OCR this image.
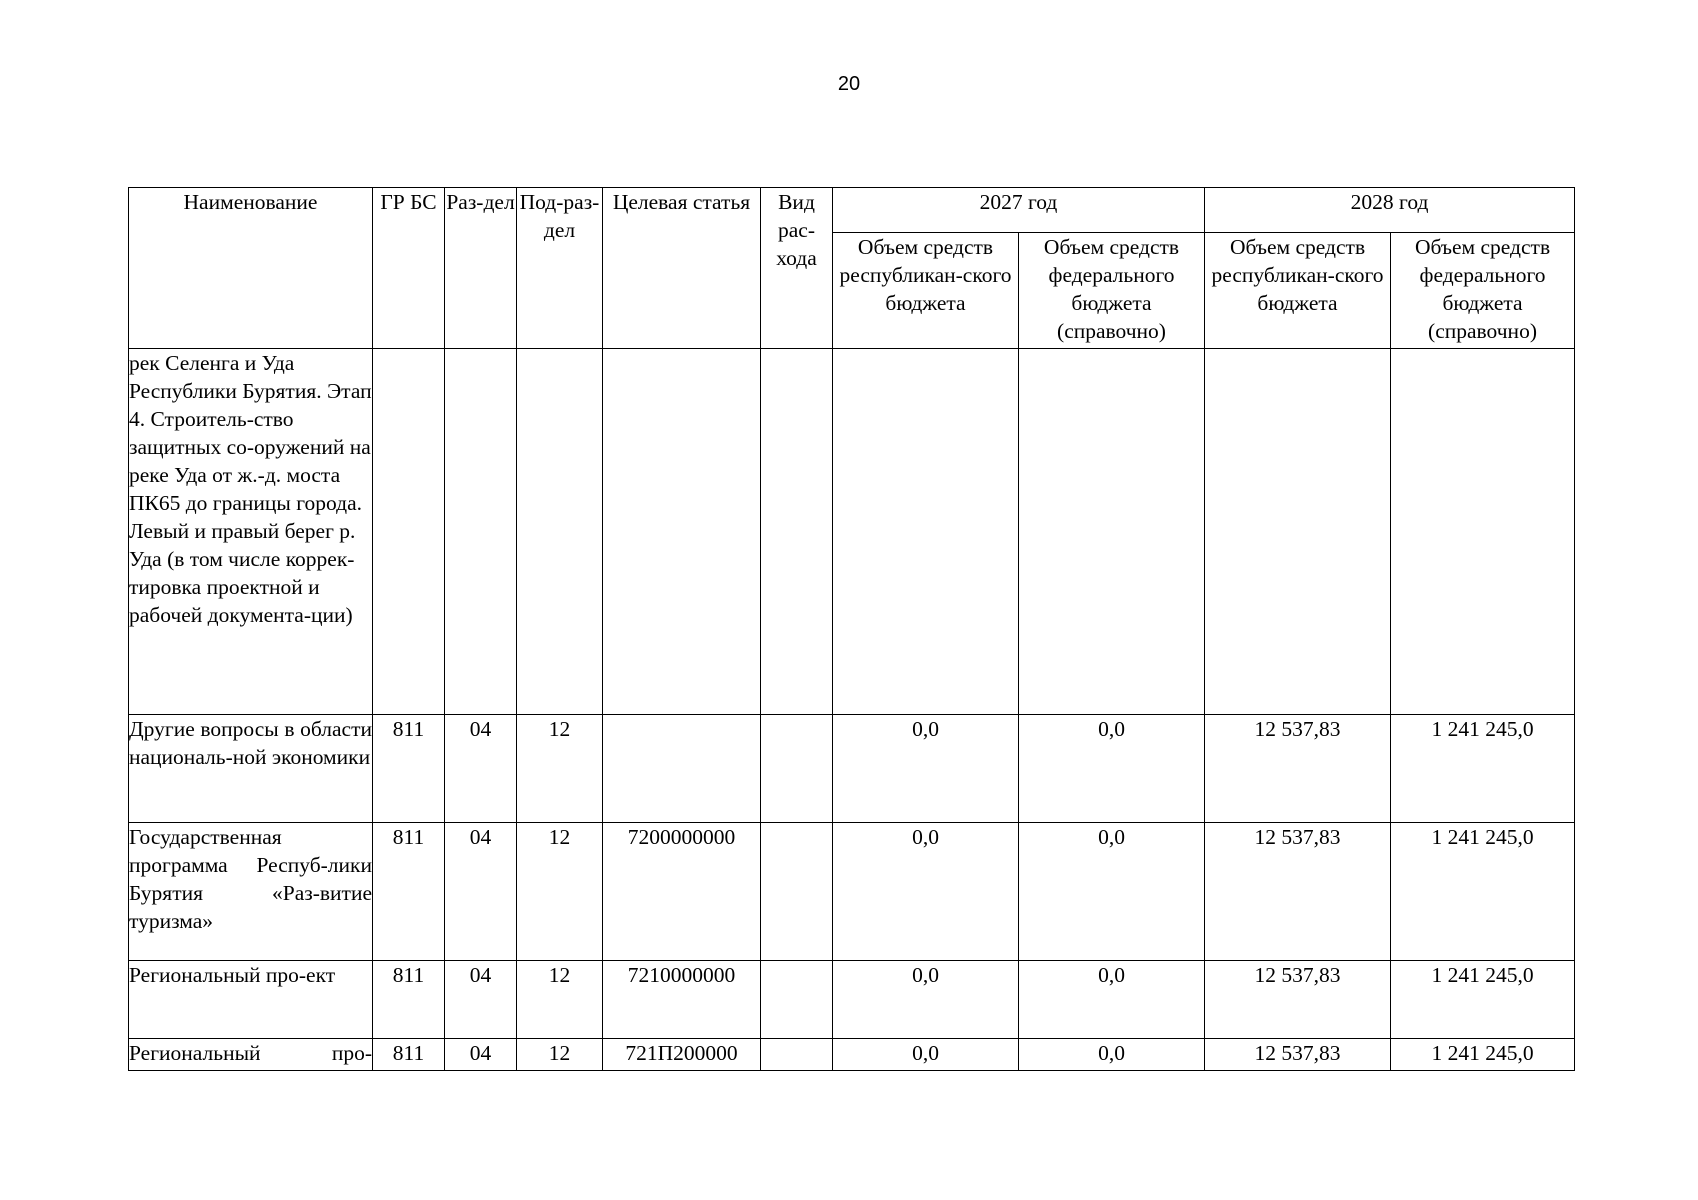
20
Наименование	ГР БС	Раз-дел	Под-раз-дел	Целевая статья	Вид рас-хода	2027 год		2028 год	
						Объем средств республикан-ского бюджета	Объем средств федерального бюджета (справочно)	Объем средств республикан-ского бюджета	Объем средств федерального бюджета (справочно)
рек Селенга и Уда Республики Бурятия. Этап 4. Строитель-ство защитных со-оружений на реке Уда от ж.-д. моста ПК65 до границы города. Левый и правый берег р. Уда (в том числе коррек-тировка проектной и рабочей документа-ции)									
Другие вопросы в области националь-ной экономики	811	04	12			0,0	0,0	12 537,83	1 241 245,0
Государственная программа Респуб-лики Бурятия «Раз-витие туризма»	811	04	12	7200000000		0,0	0,0	12 537,83	1 241 245,0
Региональный про-ект	811	04	12	7210000000		0,0	0,0	12 537,83	1 241 245,0
Региональный про-	811	04	12	721П200000		0,0	0,0	12 537,83	1 241 245,0
